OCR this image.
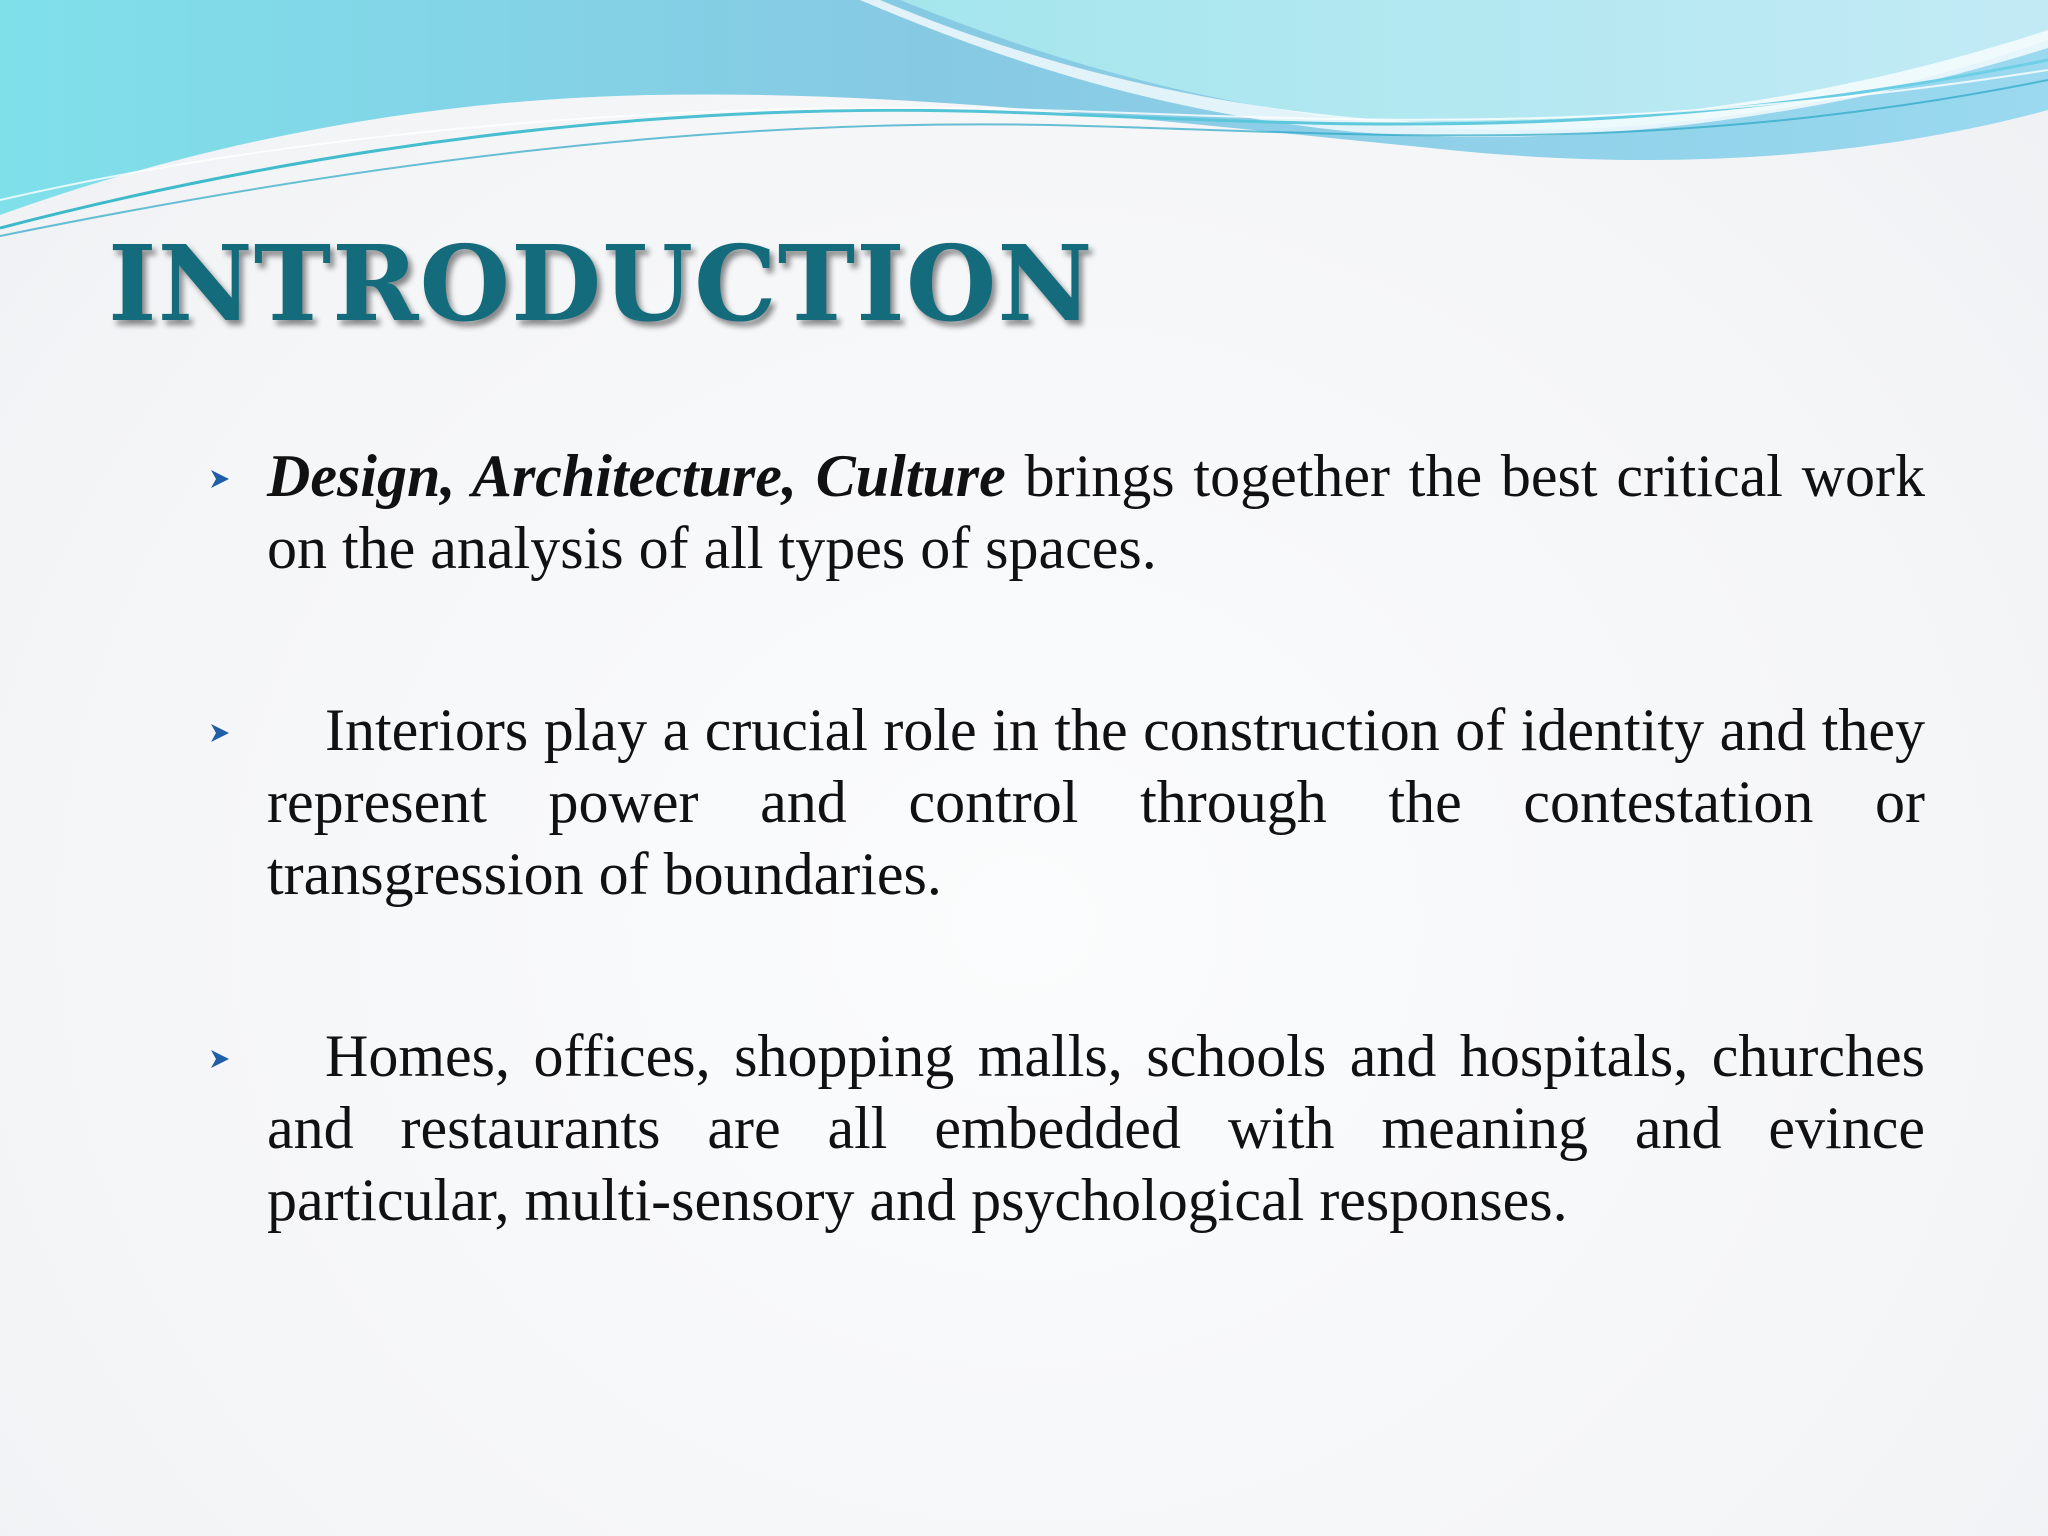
INTRODUCTION

Design, Architecture, Culture brings together the best critical work on the analysis of all types of spaces.

Interiors play a crucial role in the construction of identity and they represent power and control through the contestation or transgression of boundaries.

Homes, offices, shopping malls, schools and hospitals, churches and restaurants are all embedded with meaning and evince particular, multi-sensory and psychological responses.
